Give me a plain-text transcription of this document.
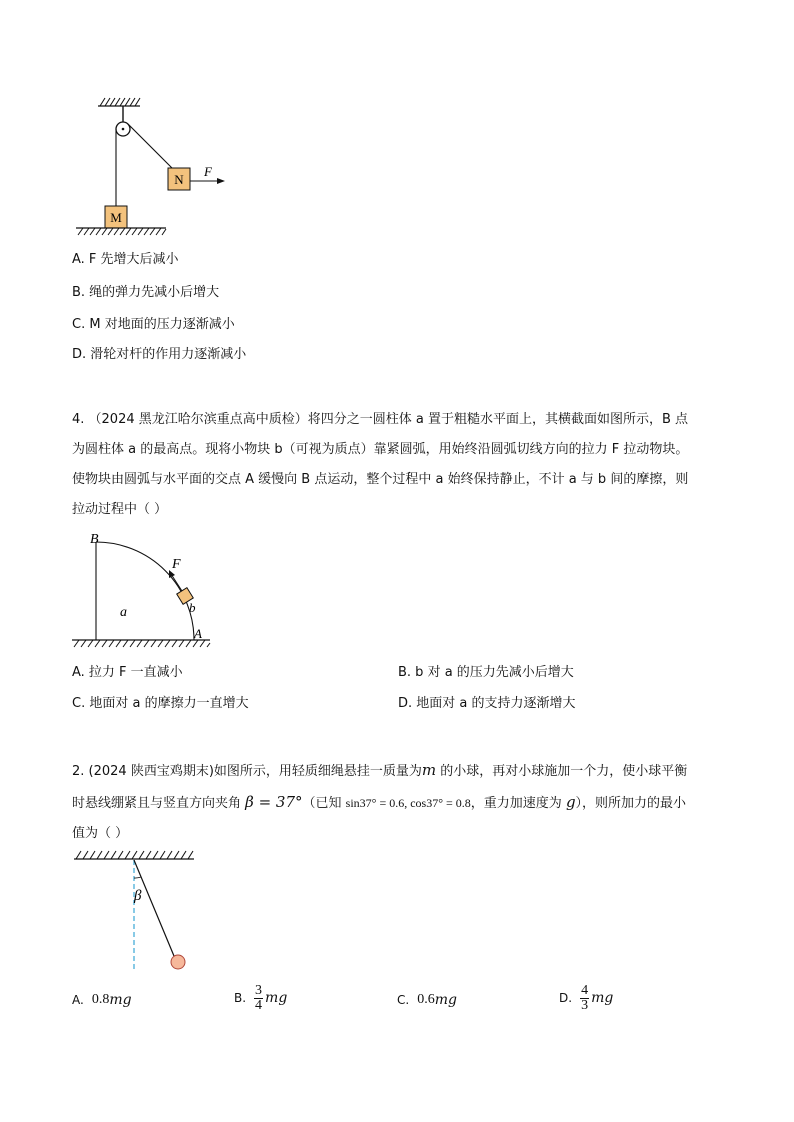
N
F
M
A. F 先增大后减小
B. 绳的弹力先减小后增大
C. M 对地面的压力逐渐减小
D. 滑轮对杆的作用力逐渐减小
4. （2024 黑龙江哈尔滨重点高中质检）将四分之一圆柱体 a 置于粗糙水平面上，其横截面如图所示，B 点
为圆柱体 a 的最高点。现将小物块 b（可视为质点）靠紧圆弧，用始终沿圆弧切线方向的拉力 F 拉动物块。
使物块由圆弧与水平面的交点 A 缓慢向 B 点运动，整个过程中 a 始终保持静止，不计 a 与 b 间的摩擦，则
拉动过程中（ ）
F
b
B
A
a
A. 拉力 F 一直减小	B. b 对 a 的压力先减小后增大
C. 地面对 a 的摩擦力一直增大	D. 地面对 a 的支持力逐渐增大
2. (2024 陕西宝鸡期末)如图所示，用轻质细绳悬挂一质量为m 的小球，再对小球施加一个力，使小球平衡
时悬线绷紧且与竖直方向夹角 β = 37°（已知 sin37° = 0.6, cos37° = 0.8，重力加速度为 g），则所加力的最小
值为（ ）
β
A. 0.8 mg	B. $\frac{3}{4}$ mg	C. 0.6 mg	D. $\frac{4}{3}$ mg
